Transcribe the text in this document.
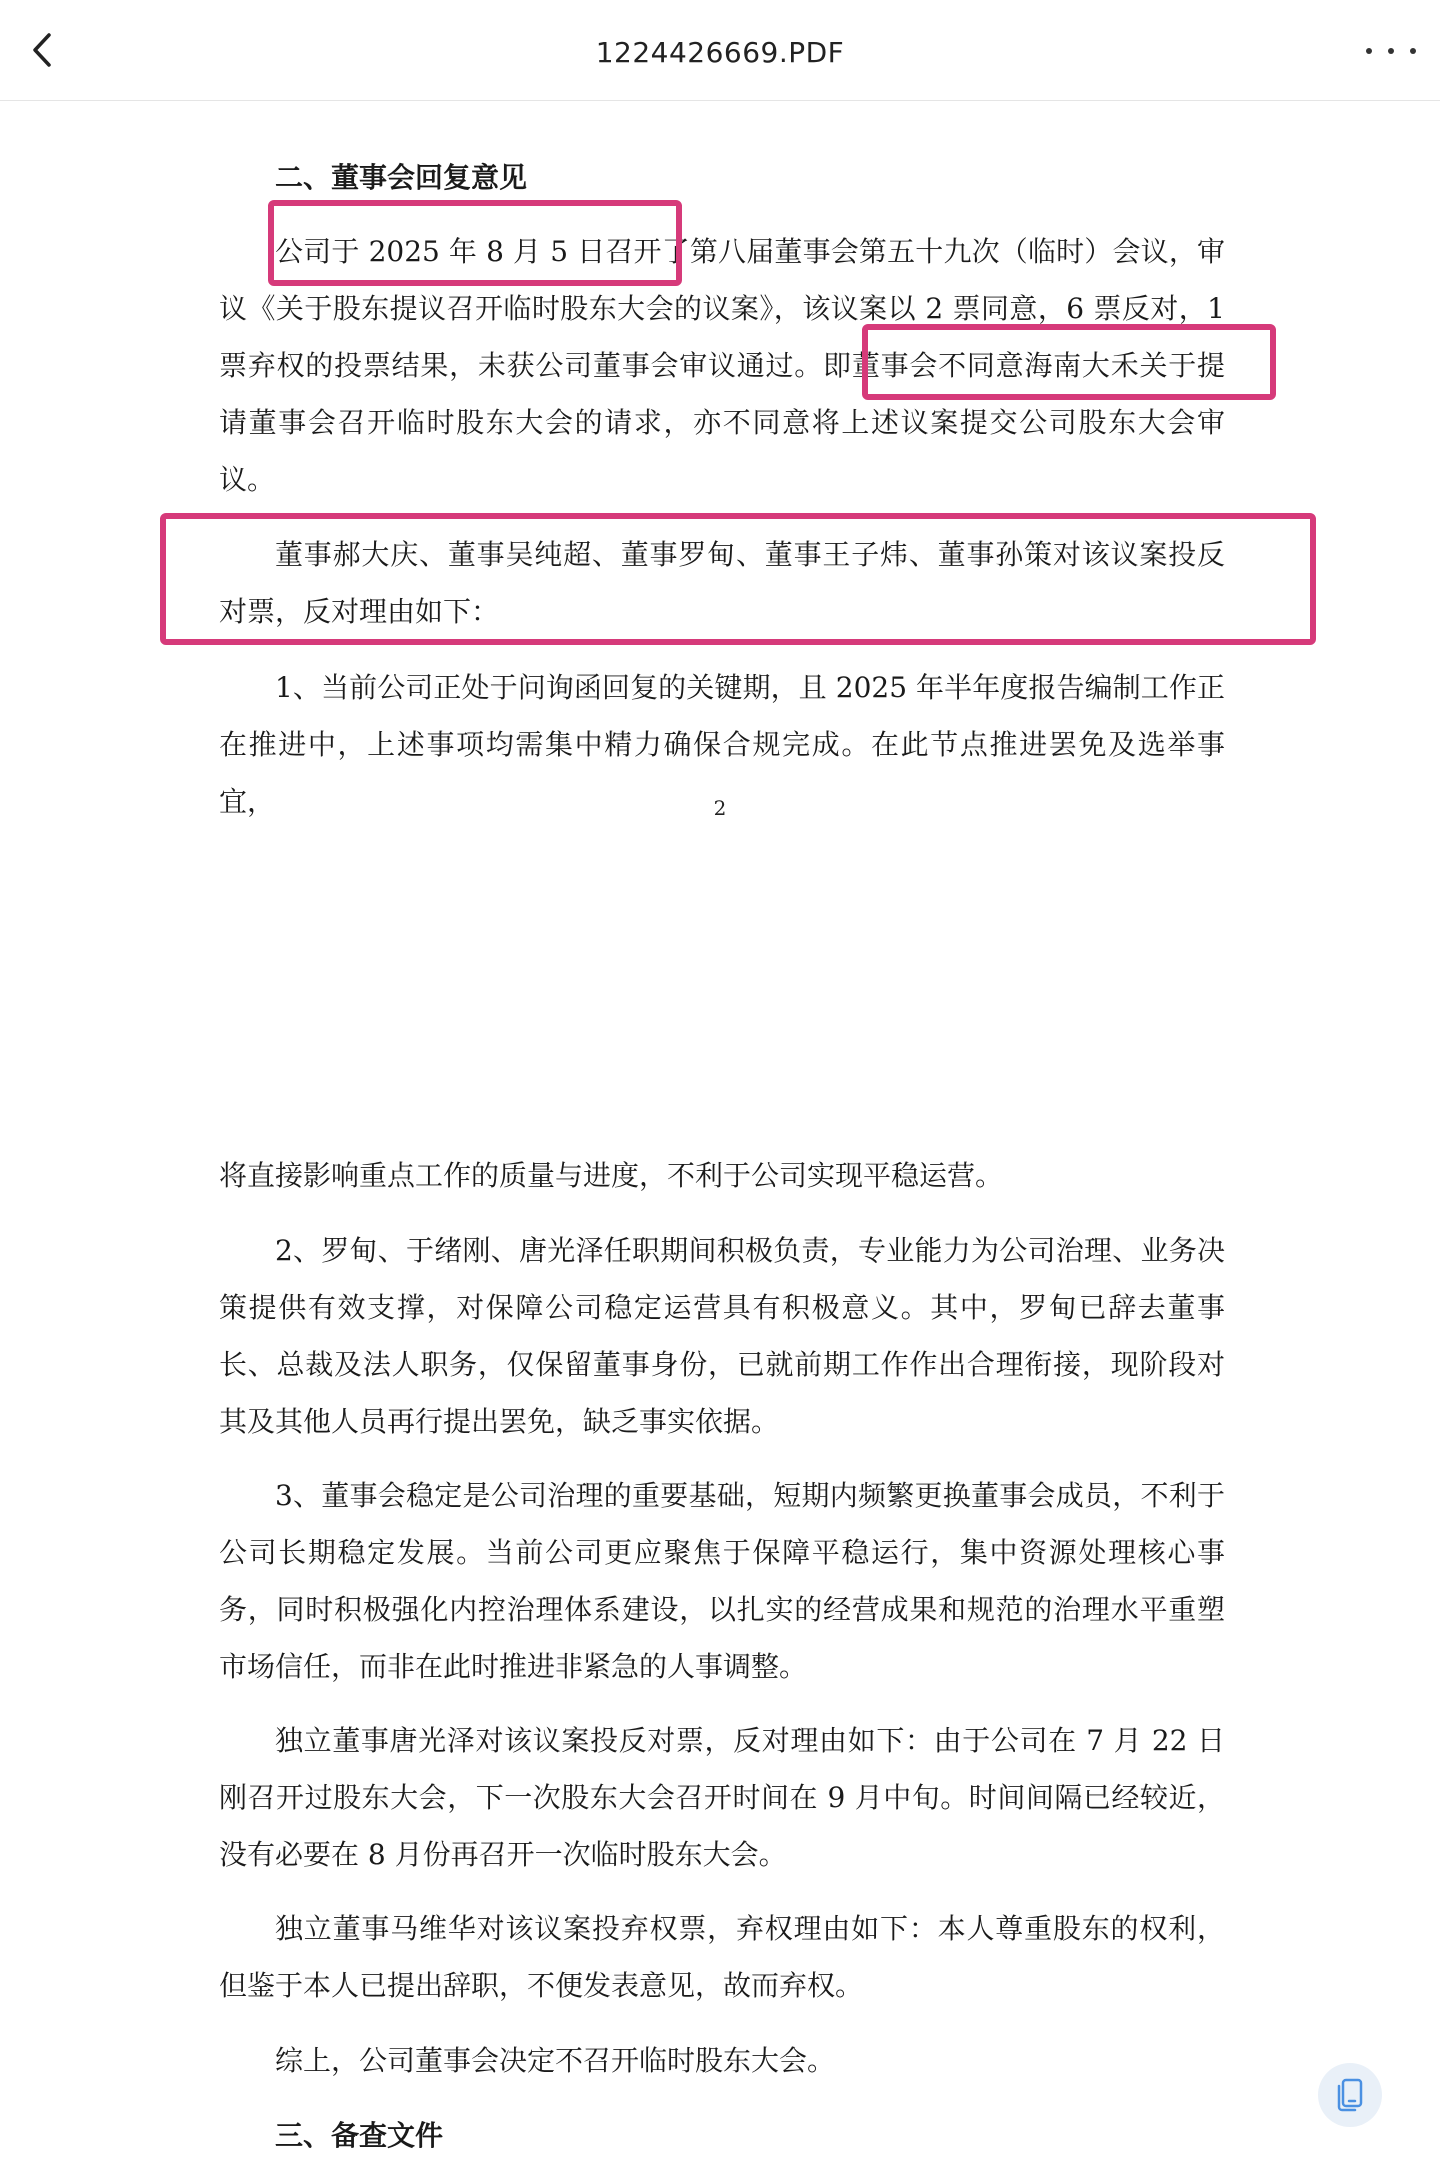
1224426669.PDF

二、董事会回复意见

公司于 2025 年 8 月 5 日召开了第八届董事会第五十九次（临时）会议，审议《关于股东提议召开临时股东大会的议案》，该议案以 2 票同意，6 票反对，1 票弃权的投票结果，未获公司董事会审议通过。即董事会不同意海南大禾关于提请董事会召开临时股东大会的请求，亦不同意将上述议案提交公司股东大会审议。

董事郝大庆、董事吴纯超、董事罗甸、董事王子炜、董事孙策对该议案投反对票，反对理由如下：

1、当前公司正处于问询函回复的关键期，且 2025 年半年度报告编制工作正在推进中，上述事项均需集中精力确保合规完成。在此节点推进罢免及选举事宜，	2

将直接影响重点工作的质量与进度，不利于公司实现平稳运营。

2、罗甸、于绪刚、唐光泽任职期间积极负责，专业能力为公司治理、业务决策提供有效支撑，对保障公司稳定运营具有积极意义。其中，罗甸已辞去董事长、总裁及法人职务，仅保留董事身份，已就前期工作作出合理衔接，现阶段对其及其他人员再行提出罢免，缺乏事实依据。

3、董事会稳定是公司治理的重要基础，短期内频繁更换董事会成员，不利于公司长期稳定发展。当前公司更应聚焦于保障平稳运行，集中资源处理核心事务，同时积极强化内控治理体系建设，以扎实的经营成果和规范的治理水平重塑市场信任，而非在此时推进非紧急的人事调整。

独立董事唐光泽对该议案投反对票，反对理由如下：由于公司在 7 月 22 日刚召开过股东大会，下一次股东大会召开时间在 9 月中旬。时间间隔已经较近，没有必要在 8 月份再召开一次临时股东大会。

独立董事马维华对该议案投弃权票，弃权理由如下：本人尊重股东的权利，但鉴于本人已提出辞职，不便发表意见，故而弃权。

综上，公司董事会决定不召开临时股东大会。

三、备查文件
